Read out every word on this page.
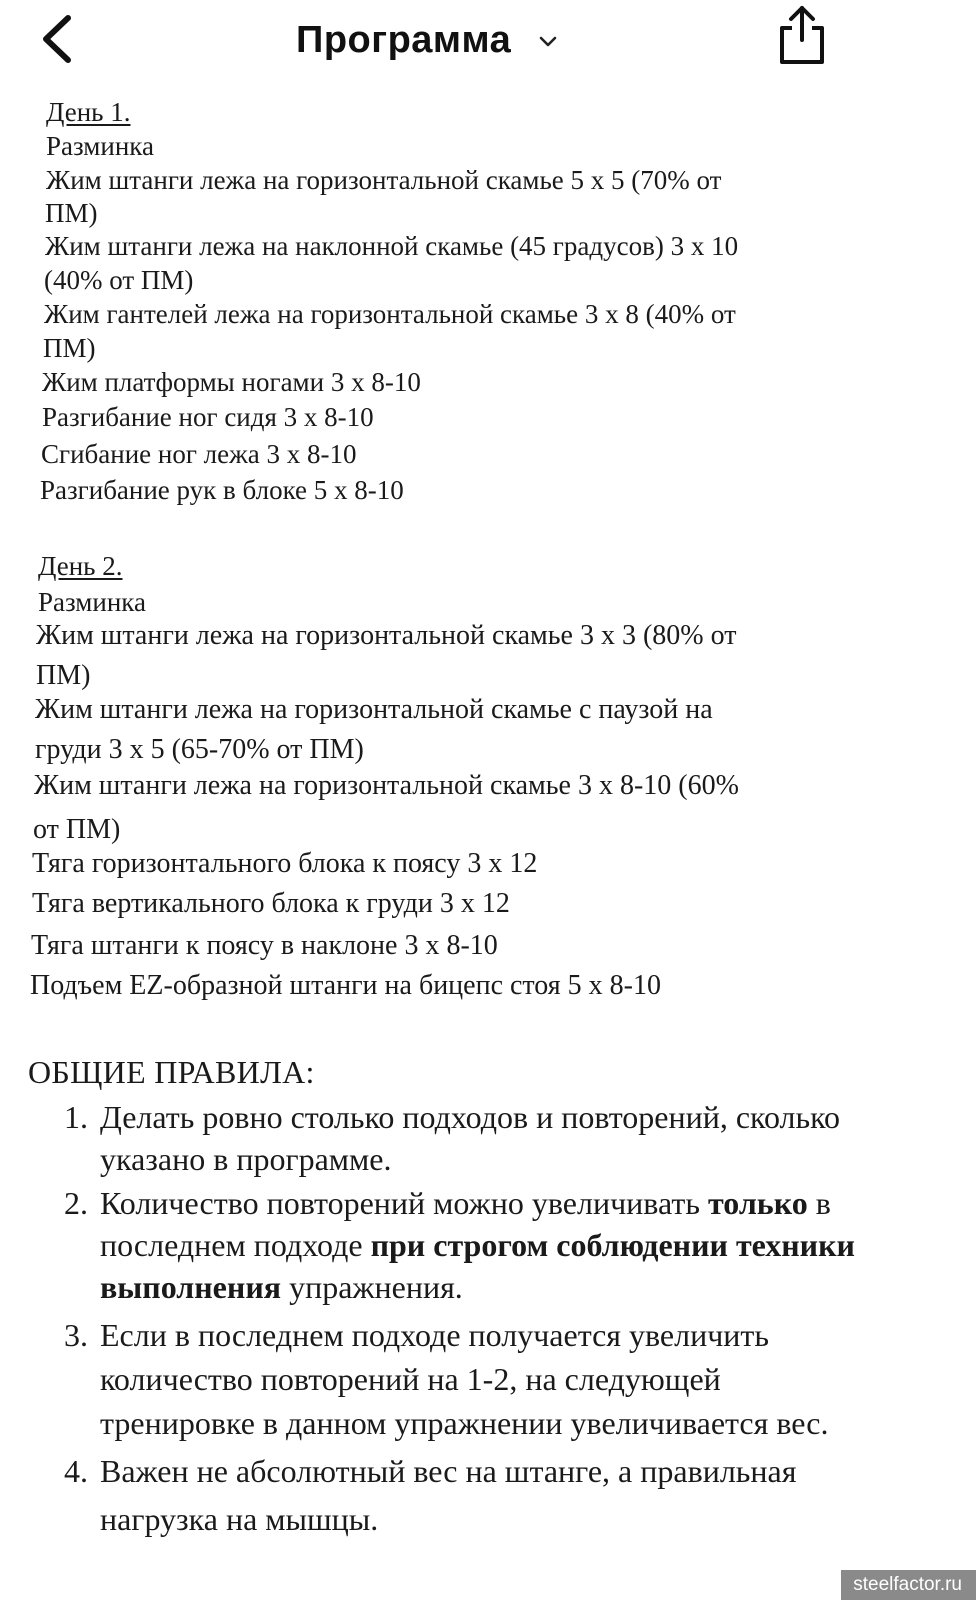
Программа
День 1.
Разминка
Жим штанги лежа на горизонтальной скамье 5 х 5 (70% от
ПМ)
Жим штанги лежа на наклонной скамье (45 градусов) 3 х 10
(40% от ПМ)
Жим гантелей лежа на горизонтальной скамье 3 х 8 (40% от
ПМ)
Жим платформы ногами 3 х 8-10
Разгибание ног сидя 3 х 8-10
Сгибание ног лежа 3 х 8-10
Разгибание рук в блоке 5 х 8-10
День 2.
Разминка
Жим штанги лежа на горизонтальной скамье 3 х 3 (80% от
ПМ)
Жим штанги лежа на горизонтальной скамье с паузой на
груди 3 х 5 (65-70% от ПМ)
Жим штанги лежа на горизонтальной скамье 3 х 8-10 (60%
от ПМ)
Тяга горизонтального блока к поясу 3 х 12
Тяга вертикального блока к груди 3 х 12
Тяга штанги к поясу в наклоне 3 х 8-10
Подъем EZ-образной штанги на бицепс стоя 5 х 8-10
ОБЩИЕ ПРАВИЛА:
1. Делать ровно столько подходов и повторений, сколько
указано в программе.
2. Количество повторений можно увеличивать только в
последнем подходе при строгом соблюдении техники
выполнения упражнения.
3. Если в последнем подходе получается увеличить
количество повторений на 1-2, на следующей
тренировке в данном упражнении увеличивается вес.
4. Важен не абсолютный вес на штанге, а правильная
нагрузка на мышцы.
steelfactor.ru
